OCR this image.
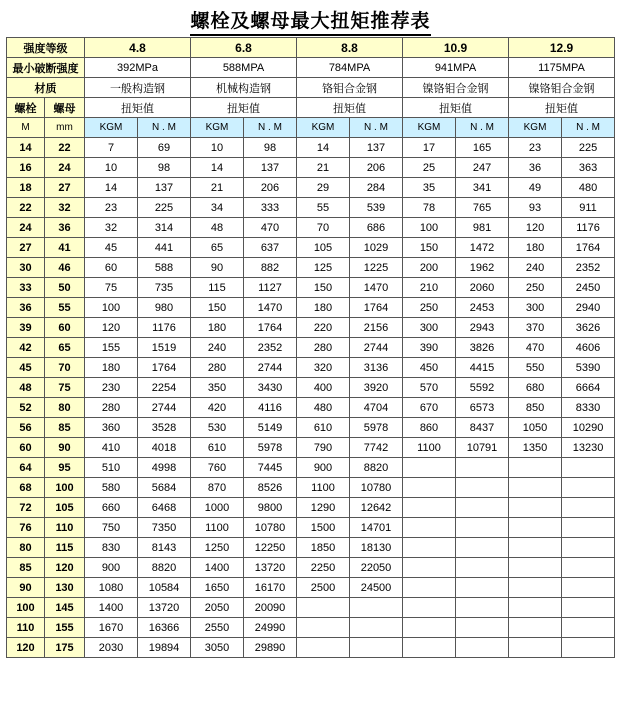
螺栓及螺母最大扭矩推荐表
强度等级		4.8		6.8		8.8		10.9		12.9	
最小破断强度		392MPa		588MPA		784MPA		941MPA		1175MPA	
材质		一般构造钢		机械构造钢		铬钼合金钢		镍铬钼合金钢		镍铬钼合金钢	
螺栓	螺母	扭矩值		扭矩值		扭矩值		扭矩值		扭矩值	
M	mm	KGM	N . M	KGM	N . M	KGM	N . M	KGM	N . M	KGM	N . M
14	22	7	69	10	98	14	137	17	165	23	225
16	24	10	98	14	137	21	206	25	247	36	363
18	27	14	137	21	206	29	284	35	341	49	480
22	32	23	225	34	333	55	539	78	765	93	911
24	36	32	314	48	470	70	686	100	981	120	1176
27	41	45	441	65	637	105	1029	150	1472	180	1764
30	46	60	588	90	882	125	1225	200	1962	240	2352
33	50	75	735	115	1127	150	1470	210	2060	250	2450
36	55	100	980	150	1470	180	1764	250	2453	300	2940
39	60	120	1176	180	1764	220	2156	300	2943	370	3626
42	65	155	1519	240	2352	280	2744	390	3826	470	4606
45	70	180	1764	280	2744	320	3136	450	4415	550	5390
48	75	230	2254	350	3430	400	3920	570	5592	680	6664
52	80	280	2744	420	4116	480	4704	670	6573	850	8330
56	85	360	3528	530	5149	610	5978	860	8437	1050	10290
60	90	410	4018	610	5978	790	7742	1100	10791	1350	13230
64	95	510	4998	760	7445	900	8820				
68	100	580	5684	870	8526	1100	10780				
72	105	660	6468	1000	9800	1290	12642				
76	110	750	7350	1100	10780	1500	14701				
80	115	830	8143	1250	12250	1850	18130				
85	120	900	8820	1400	13720	2250	22050				
90	130	1080	10584	1650	16170	2500	24500				
100	145	1400	13720	2050	20090						
110	155	1670	16366	2550	24990						
120	175	2030	19894	3050	29890						
